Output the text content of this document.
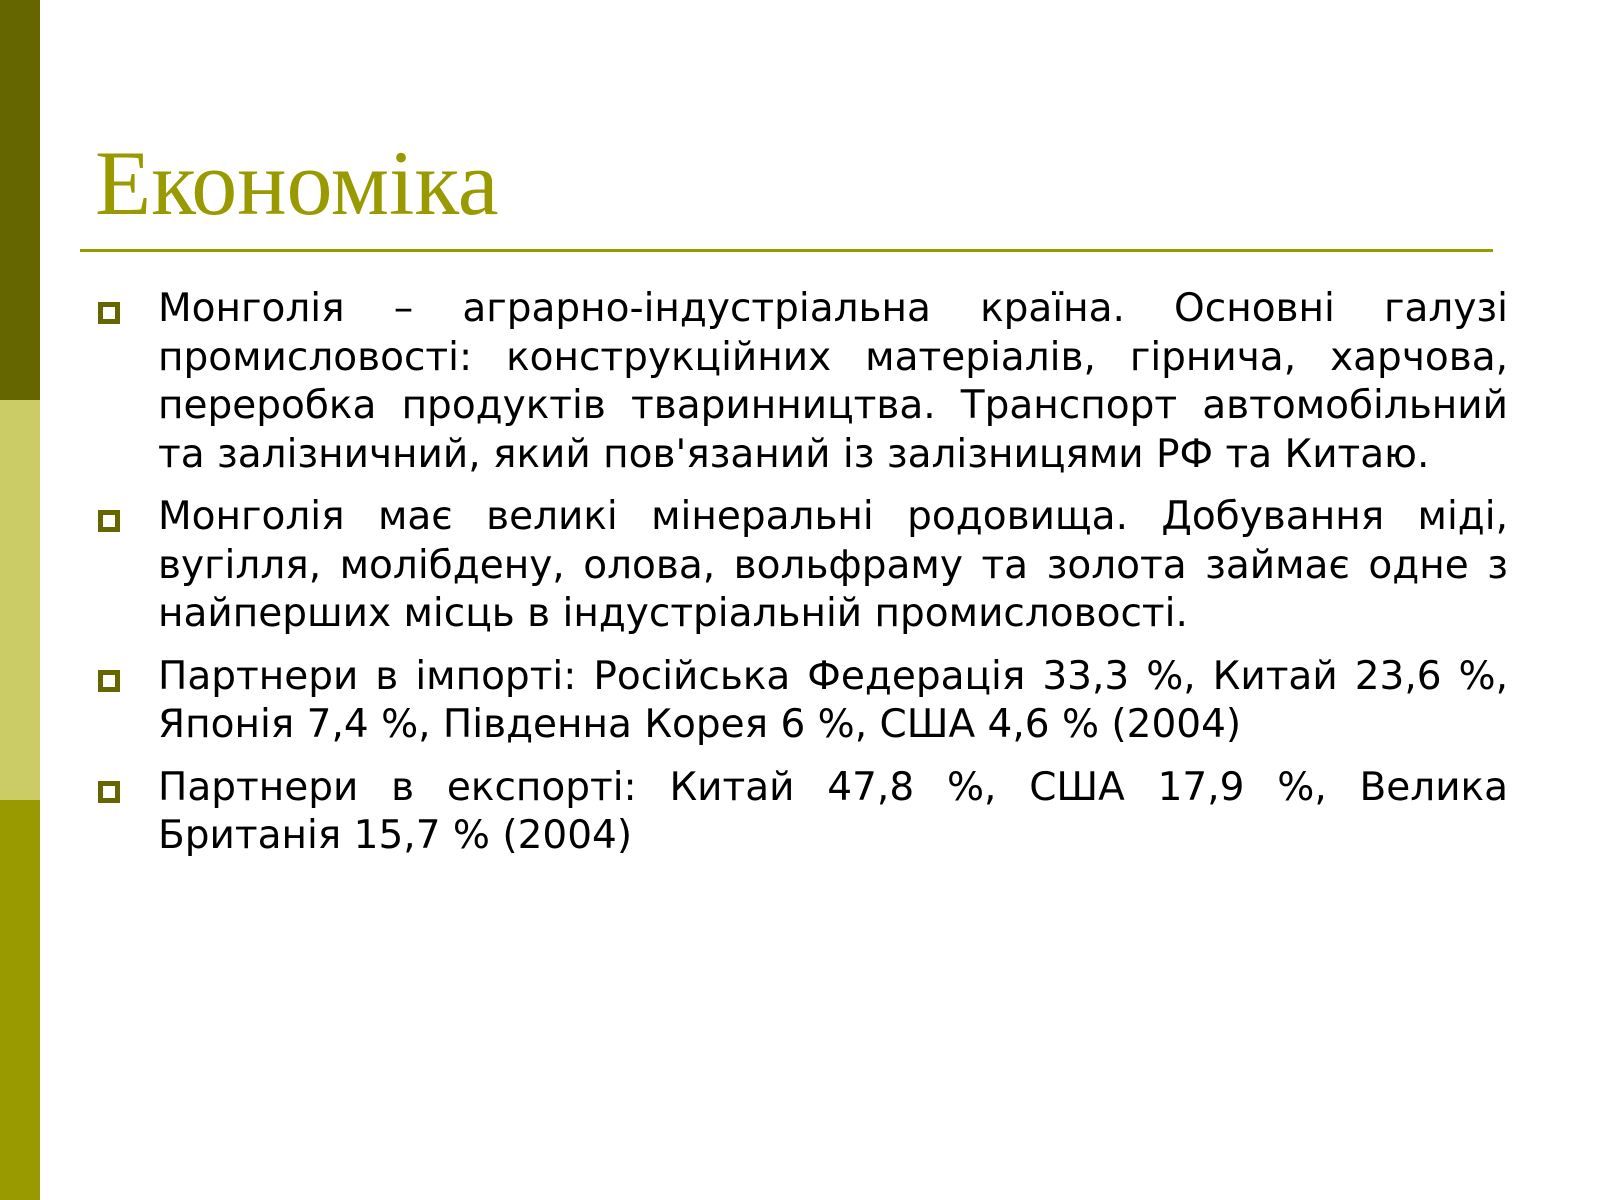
Економіка
Монголія – аграрно-індустріальна країна. Основні галузі промисловості: конструкційних матеріалів, гірнича, харчова, переробка продуктів тваринництва. Транспорт автомобільний та залізничний, який пов'язаний із залізницями РФ та Китаю.
Монголія має великі мінеральні родовища. Добування міді, вугілля, молібдену, олова, вольфраму та золота займає одне з найперших місць в індустріальній промисловості.
Партнери в імпорті: Російська Федерація 33,3 %, Китай 23,6 %, Японія 7,4 %, Південна Корея 6 %, США 4,6 % (2004)
Партнери в експорті: Китай 47,8 %, США 17,9 %, Велика Британія 15,7 % (2004)
